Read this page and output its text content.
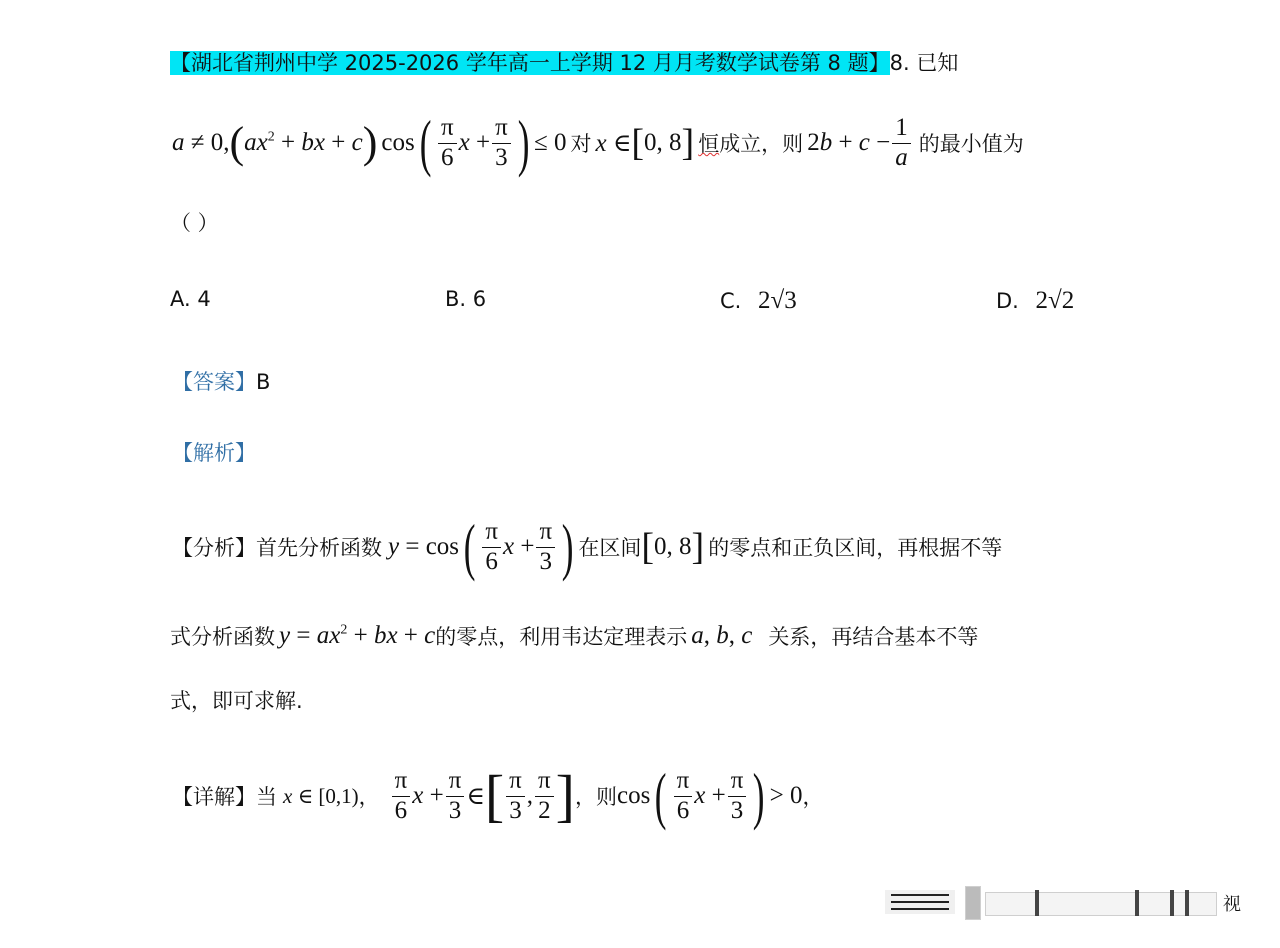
【湖北省荆州中学 2025-2026 学年高一上学期 12 月月考数学试卷第 8 题】8. 已知
a ≠ 0, ( $ax^2$ + bx + c ) cos ( $\frac{\pi}{6}$ $x + \frac{\pi}{3}$ ) ≤ 0 对 x ∈ [ 0, 8 ] 恒成立，则 $2b + c - \frac{1}{a}$ 的最小值为
（ ）
A. 4	B. 6	C. 2√3	D. 2√2
【答案】B
【解析】
【分析】 首先分析函数 y = cos ( $\frac{\pi}{6}$ $x + \frac{\pi}{3}$ ) 在区间 [ 0, 8 ] 的零点和正负区间，再根据不等
式分析函数 $y = ax^2$ + bx + c 的零点，利用韦达定理表示 a, b, c 关系，再结合基本不等
式，即可求解.
【详解】 当 x ∈ [0,1) ， $\frac{\pi}{6}$ $x + \frac{\pi}{3}$ ∈ [ $\frac{\pi}{3}$ , $\frac{\pi}{2}$ ] ，则 cos ( $\frac{\pi}{6}$ $x + \frac{\pi}{3}$ ) > 0 ，
视
